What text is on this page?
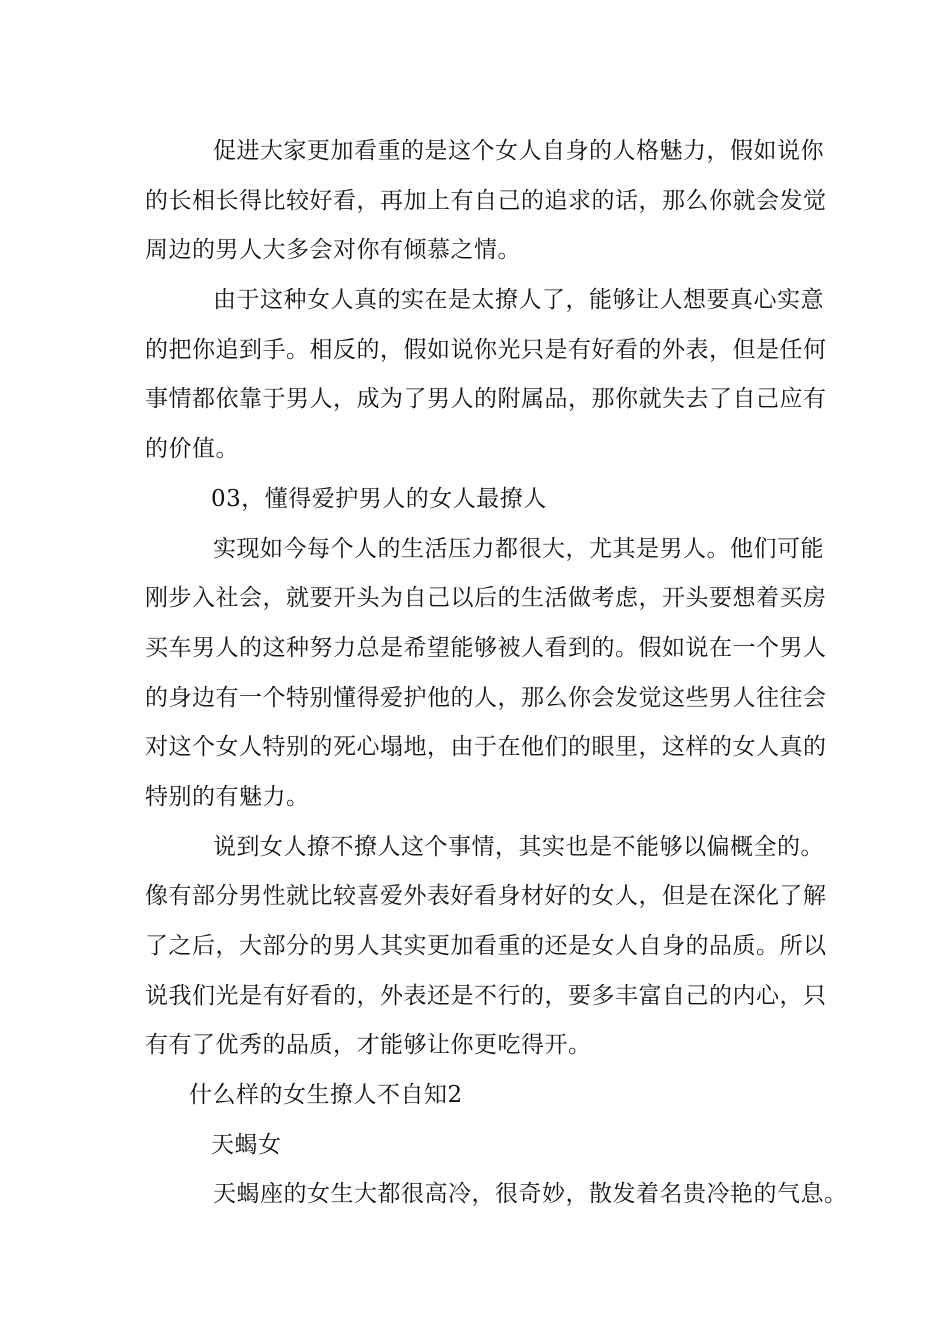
促进大家更加看重的是这个女人自身的人格魅力，假如说你
的长相长得比较好看，再加上有自己的追求的话，那么你就会发觉
周边的男人大多会对你有倾慕之情。
由于这种女人真的实在是太撩人了，能够让人想要真心实意
的把你追到手。相反的，假如说你光只是有好看的外表，但是任何
事情都依靠于男人，成为了男人的附属品，那你就失去了自己应有
的价值。
03，懂得爱护男人的女人最撩人
实现如今每个人的生活压力都很大，尤其是男人。他们可能
刚步入社会，就要开头为自己以后的生活做考虑，开头要想着买房
买车男人的这种努力总是希望能够被人看到的。假如说在一个男人
的身边有一个特别懂得爱护他的人，那么你会发觉这些男人往往会
对这个女人特别的死心塌地，由于在他们的眼里，这样的女人真的
特别的有魅力。
说到女人撩不撩人这个事情，其实也是不能够以偏概全的。
像有部分男性就比较喜爱外表好看身材好的女人，但是在深化了解
了之后，大部分的男人其实更加看重的还是女人自身的品质。所以
说我们光是有好看的，外表还是不行的，要多丰富自己的内心，只
有有了优秀的品质，才能够让你更吃得开。
什么样的女生撩人不自知2
天蝎女
天蝎座的女生大都很高冷，很奇妙，散发着名贵冷艳的气息。
